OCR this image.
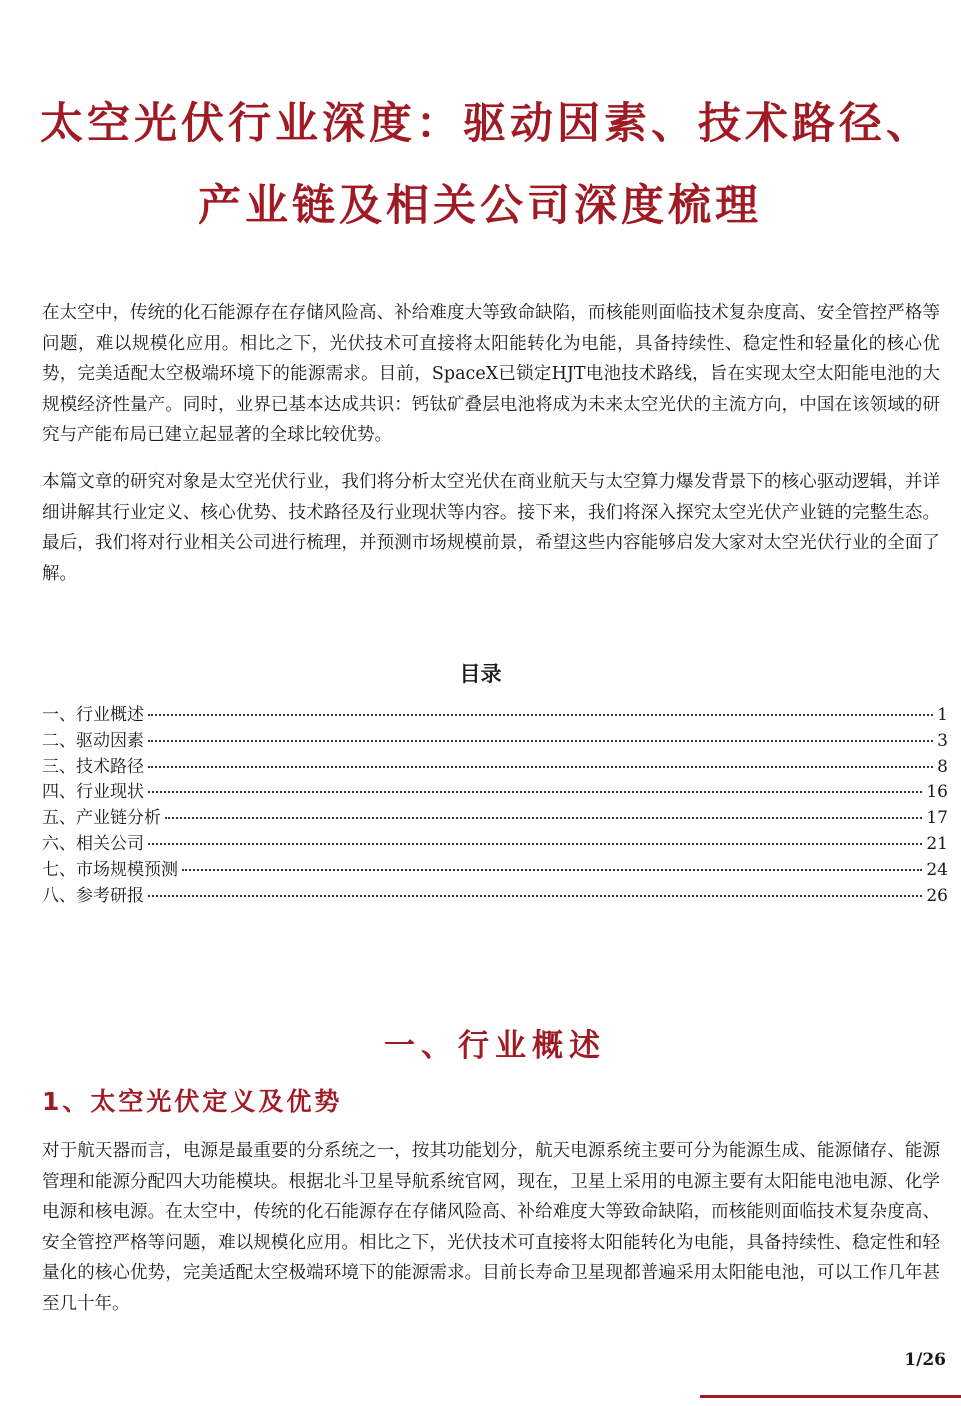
太空光伏行业深度：驱动因素、技术路径、
产业链及相关公司深度梳理

在太空中，传统的化石能源存在存储风险高、补给难度大等致命缺陷，而核能则面临技术复杂度高、安全管控严格等问题，难以规模化应用。相比之下，光伏技术可直接将太阳能转化为电能，具备持续性、稳定性和轻量化的核心优势，完美适配太空极端环境下的能源需求。目前，SpaceX已锁定HJT电池技术路线，旨在实现太空太阳能电池的大规模经济性量产。同时，业界已基本达成共识：钙钛矿叠层电池将成为未来太空光伏的主流方向，中国在该领域的研究与产能布局已建立起显著的全球比较优势。

本篇文章的研究对象是太空光伏行业，我们将分析太空光伏在商业航天与太空算力爆发背景下的核心驱动逻辑，并详细讲解其行业定义、核心优势、技术路径及行业现状等内容。接下来，我们将深入探究太空光伏产业链的完整生态。最后，我们将对行业相关公司进行梳理，并预测市场规模前景，希望这些内容能够启发大家对太空光伏行业的全面了解。

目录
一、行业概述	1
二、驱动因素	3
三、技术路径	8
四、行业现状	16
五、产业链分析	17
六、相关公司	21
七、市场规模预测	24
八、参考研报	26
一、行业概述
1、太空光伏定义及优势

对于航天器而言，电源是最重要的分系统之一，按其功能划分，航天电源系统主要可分为能源生成、能源储存、能源管理和能源分配四大功能模块。根据北斗卫星导航系统官网，现在，卫星上采用的电源主要有太阳能电池电源、化学电源和核电源。在太空中，传统的化石能源存在存储风险高、补给难度大等致命缺陷，而核能则面临技术复杂度高、安全管控严格等问题，难以规模化应用。相比之下，光伏技术可直接将太阳能转化为电能，具备持续性、稳定性和轻量化的核心优势，完美适配太空极端环境下的能源需求。目前长寿命卫星现都普遍采用太阳能电池，可以工作几年甚至几十年。

1/26
